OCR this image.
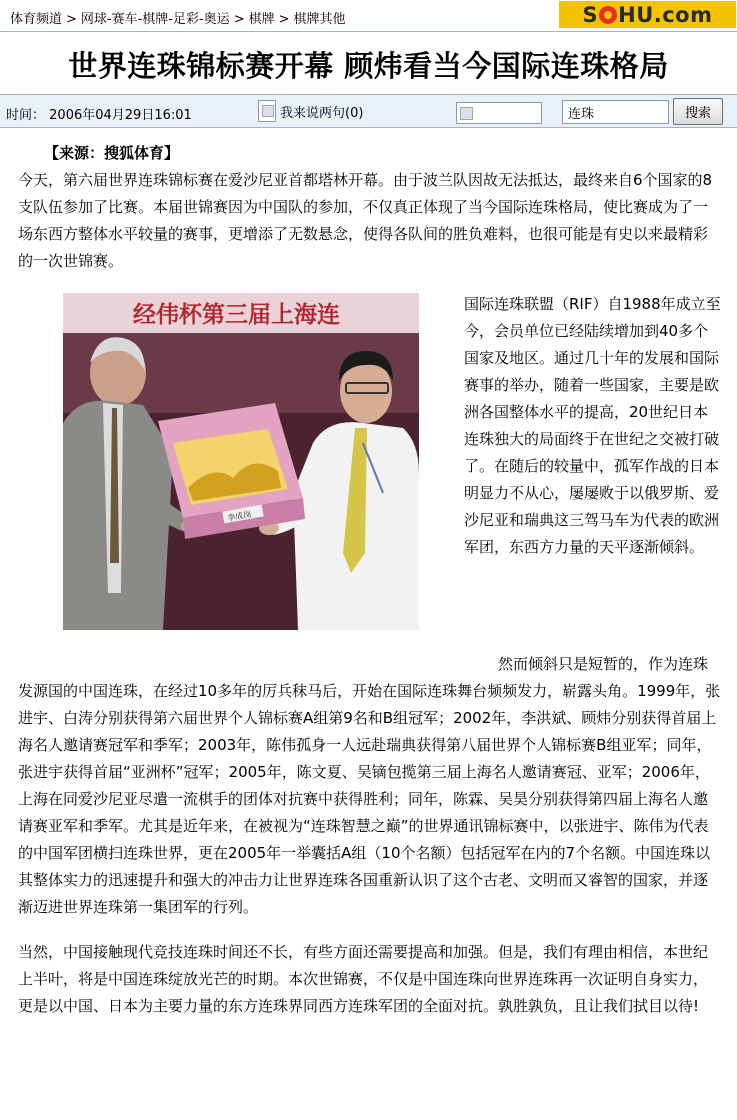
体育频道 > 网球-赛车-棋牌-足彩-奥运 > 棋牌 > 棋牌其他	S HU.com
世界连珠锦标赛开幕 顾炜看当今国际连珠格局
时间： 2006年04月29日16:01	我来说两句(0)
连珠	搜索

【来源：搜狐体育】

今天，第六届世界连珠锦标赛在爱沙尼亚首都塔林开幕。由于波兰队因故无法抵达，最终来自6个国家的8支队伍参加了比赛。本届世锦赛因为中国队的参加，不仅真正体现了当今国际连珠格局，使比赛成为了一场东西方整体水平较量的赛事，更增添了无数悬念，使得各队间的胜负难料，也很可能是有史以来最精彩的一次世锦赛。

经伟杯第三届上海连
李成岗

国际连珠联盟（RIF）自1988年成立至今，会员单位已经陆续增加到40多个国家及地区。通过几十年的发展和国际赛事的举办，随着一些国家，主要是欧洲各国整体水平的提高，20世纪日本连珠独大的局面终于在世纪之交被打破了。在随后的较量中，孤军作战的日本明显力不从心，屡屡败于以俄罗斯、爱沙尼亚和瑞典这三驾马车为代表的欧洲军团，东西方力量的天平逐渐倾斜。

然而倾斜只是短暂的，作为连珠发源国的中国连珠，在经过10多年的厉兵秣马后，开始在国际连珠舞台频频发力，崭露头角。1999年，张进宇、白涛分别获得第六届世界个人锦标赛A组第9名和B组冠军；2002年，李洪斌、顾炜分别获得首届上海名人邀请赛冠军和季军；2003年，陈伟孤身一人远赴瑞典获得第八届世界个人锦标赛B组亚军；同年，张进宇获得首届“亚洲杯”冠军；2005年，陈文夏、吴镝包揽第三届上海名人邀请赛冠、亚军；2006年，上海在同爱沙尼亚尽遣一流棋手的团体对抗赛中获得胜利；同年，陈霖、吴昊分别获得第四届上海名人邀请赛亚军和季军。尤其是近年来，在被视为“连珠智慧之巅”的世界通讯锦标赛中，以张进宇、陈伟为代表的中国军团横扫连珠世界，更在2005年一举囊括A组（10个名额）包括冠军在内的7个名额。中国连珠以其整体实力的迅速提升和强大的冲击力让世界连珠各国重新认识了这个古老、文明而又睿智的国家，并逐渐迈进世界连珠第一集团军的行列。

当然，中国接触现代竞技连珠时间还不长，有些方面还需要提高和加强。但是，我们有理由相信，本世纪上半叶，将是中国连珠绽放光芒的时期。本次世锦赛，不仅是中国连珠向世界连珠再一次证明自身实力，更是以中国、日本为主要力量的东方连珠界同西方连珠军团的全面对抗。孰胜孰负，且让我们拭目以待!
